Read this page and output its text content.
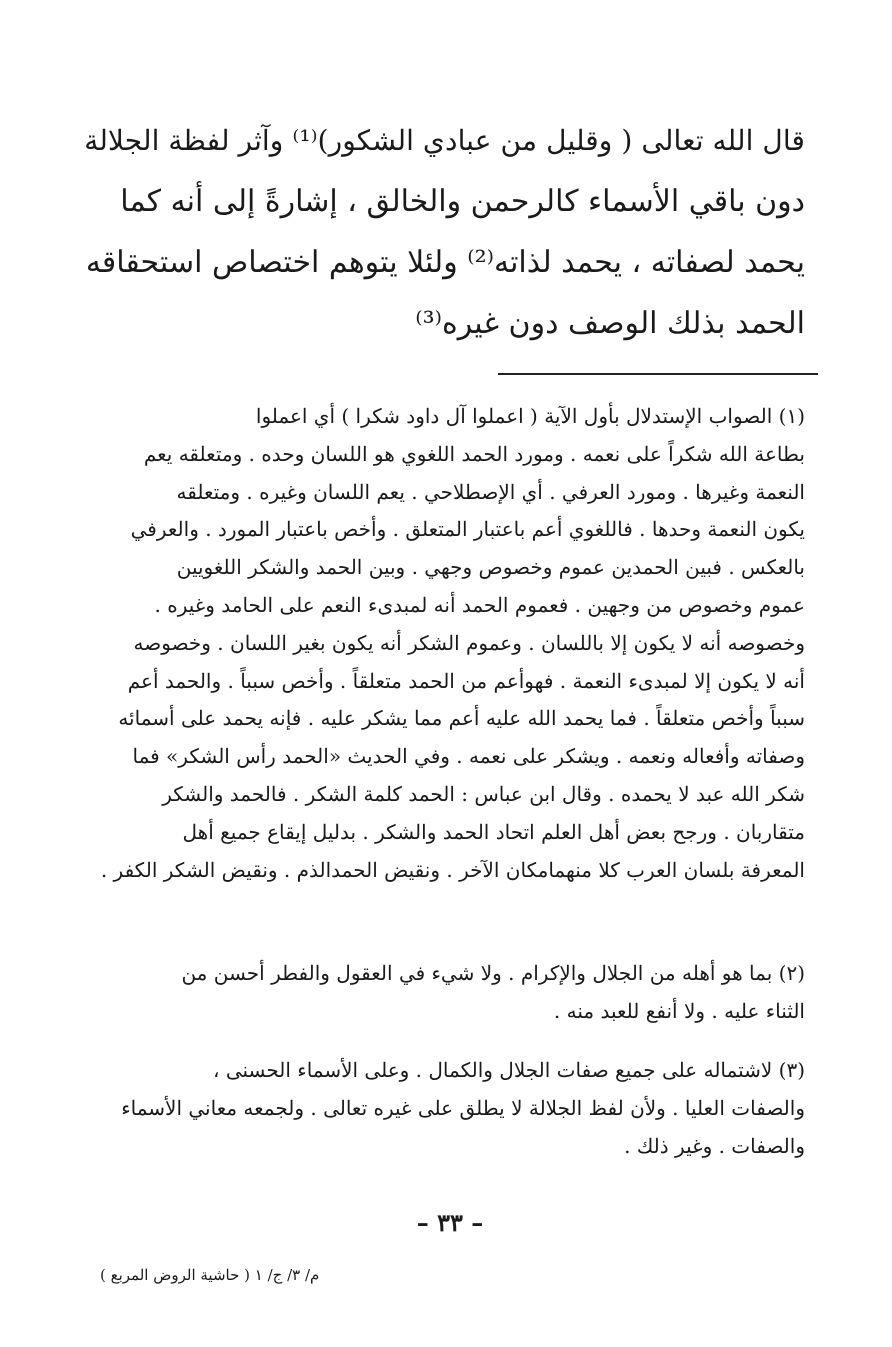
قال الله تعالى ( وقليل من عبادي الشكور)⁽¹⁾ وآثر لفظة الجلالة
دون باقي الأسماء كالرحمن والخالق ، إشارةً إلى أنه كما
يحمد لصفاته ، يحمد لذاته⁽²⁾ ولئلا يتوهم اختصاص استحقاقه
الحمد بذلك الوصف دون غيره⁽³⁾
(١) الصواب الإستدلال بأول الآية ( اعملوا آل داود شكرا ) أي اعملوا
بطاعة الله شكراً على نعمه . ومورد الحمد اللغوي هو اللسان وحده . ومتعلقه يعم
النعمة وغيرها . ومورد العرفي . أي الإصطلاحي . يعم اللسان وغيره . ومتعلقه
يكون النعمة وحدها . فاللغوي أعم باعتبار المتعلق . وأخص باعتبار المورد . والعرفي
بالعكس . فبين الحمدين عموم وخصوص وجهي . وبين الحمد والشكر اللغويين
عموم وخصوص من وجهين . فعموم الحمد أنه لمبدىء النعم على الحامد وغيره .
وخصوصه أنه لا يكون إلا باللسان . وعموم الشكر أنه يكون بغير اللسان . وخصوصه
أنه لا يكون إلا لمبدىء النعمة . فهوأعم من الحمد متعلقاً . وأخص سبباً . والحمد أعم
سبباً وأخص متعلقاً . فما يحمد الله عليه أعم مما يشكر عليه . فإنه يحمد على أسمائه
وصفاته وأفعاله ونعمه . ويشكر على نعمه . وفي الحديث «الحمد رأس الشكر» فما
شكر الله عبد لا يحمده . وقال ابن عباس : الحمد كلمة الشكر . فالحمد والشكر
متقاربان . ورجح بعض أهل العلم اتحاد الحمد والشكر . بدليل إيقاع جميع أهل
المعرفة بلسان العرب كلا منهمامكان الآخر . ونقيض الحمدالذم . ونقيض الشكر الكفر .
(٢) بما هو أهله من الجلال والإكرام . ولا شيء في العقول والفطر أحسن من
الثناء عليه . ولا أنفع للعبد منه .
(٣) لاشتماله على جميع صفات الجلال والكمال . وعلى الأسماء الحسنى ،
والصفات العليا . ولأن لفظ الجلالة لا يطلق على غيره تعالى . ولجمعه معاني الأسماء
والصفات . وغير ذلك .
– ٣٣ –
م/ ٣/ ج/ ١ ( حاشية الروض المربع )
